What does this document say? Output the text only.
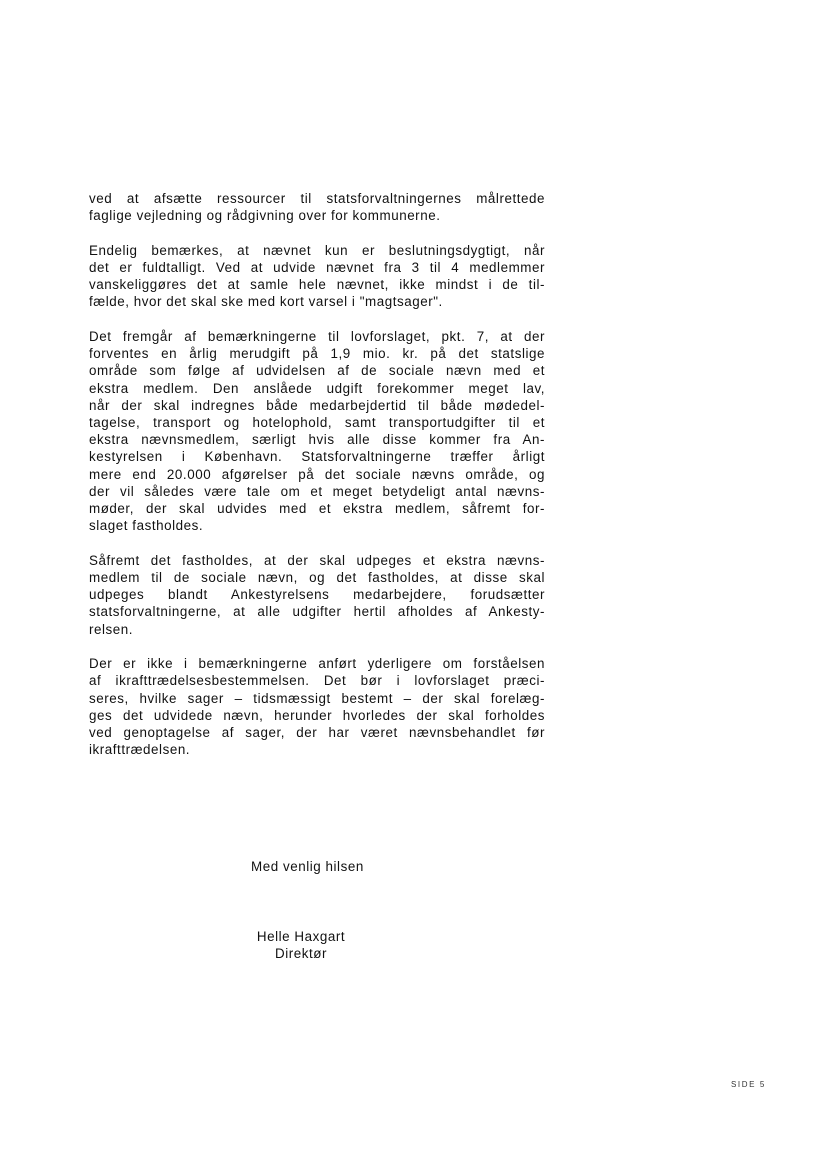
ved at afsætte ressourcer til statsforvaltningernes målrettede
faglige vejledning og rådgivning over for kommunerne.

Endelig bemærkes, at nævnet kun er beslutningsdygtigt, når
det er fuldtalligt. Ved at udvide nævnet fra 3 til 4 medlemmer
vanskeliggøres det at samle hele nævnet, ikke mindst i de til-
fælde, hvor det skal ske med kort varsel i "magtsager".

Det fremgår af bemærkningerne til lovforslaget, pkt. 7, at der
forventes en årlig merudgift på 1,9 mio. kr. på det statslige
område som følge af udvidelsen af de sociale nævn med et
ekstra medlem. Den anslåede udgift forekommer meget lav,
når der skal indregnes både medarbejdertid til både mødedel-
tagelse, transport og hotelophold, samt transportudgifter til et
ekstra nævnsmedlem, særligt hvis alle disse kommer fra An-
kestyrelsen i København. Statsforvaltningerne træffer årligt
mere end 20.000 afgørelser på det sociale nævns område, og
der vil således være tale om et meget betydeligt antal nævns-
møder, der skal udvides med et ekstra medlem, såfremt for-
slaget fastholdes.

Såfremt det fastholdes, at der skal udpeges et ekstra nævns-
medlem til de sociale nævn, og det fastholdes, at disse skal
udpeges blandt Ankestyrelsens medarbejdere, forudsætter
statsforvaltningerne, at alle udgifter hertil afholdes af Ankesty-
relsen.

Der er ikke i bemærkningerne anført yderligere om forståelsen
af ikrafttrædelsesbestemmelsen. Det bør i lovforslaget præci-
seres, hvilke sager – tidsmæssigt bestemt – der skal forelæg-
ges det udvidede nævn, herunder hvorledes der skal forholdes
ved genoptagelse af sager, der har været nævnsbehandlet før
ikrafttrædelsen.

Med venlig hilsen
Helle Haxgart
Direktør
SIDE 5
